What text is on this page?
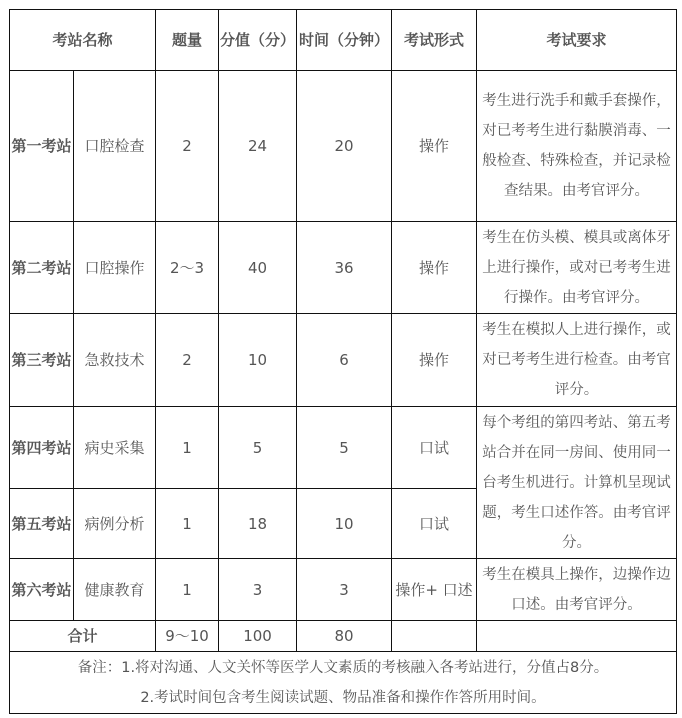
考站名称		题量	分值（分）	时间（分钟）	考试形式	考试要求
第一考站	口腔检查	2	24	20	操作	考生进行洗手和戴手套操作，对已考考生进行黏膜消毒、一般检查、特殊检查，并记录检查结果。由考官评分。
第二考站	口腔操作	2～3	40	36	操作	考生在仿头模、模具或离体牙上进行操作，或对已考考生进行操作。由考官评分。
第三考站	急救技术	2	10	6	操作	考生在模拟人上进行操作，或对已考考生进行检查。由考官评分。
第四考站	病史采集	1	5	5	口试	每个考组的第四考站、第五考站合并在同一房间、使用同一台考生机进行。计算机呈现试题，考生口述作答。由考官评分。
第五考站	病例分析	1	18	10	口试	
第六考站	健康教育	1	3	3	操作+ 口述	考生在模具上操作，边操作边口述。由考官评分。
合计		9～10	100	80		

备注：1.将对沟通、人文关怀等医学人文素质的考核融入各考站进行，分值占8分。
2.考试时间包含考生阅读试题、物品准备和操作作答所用时间。						
